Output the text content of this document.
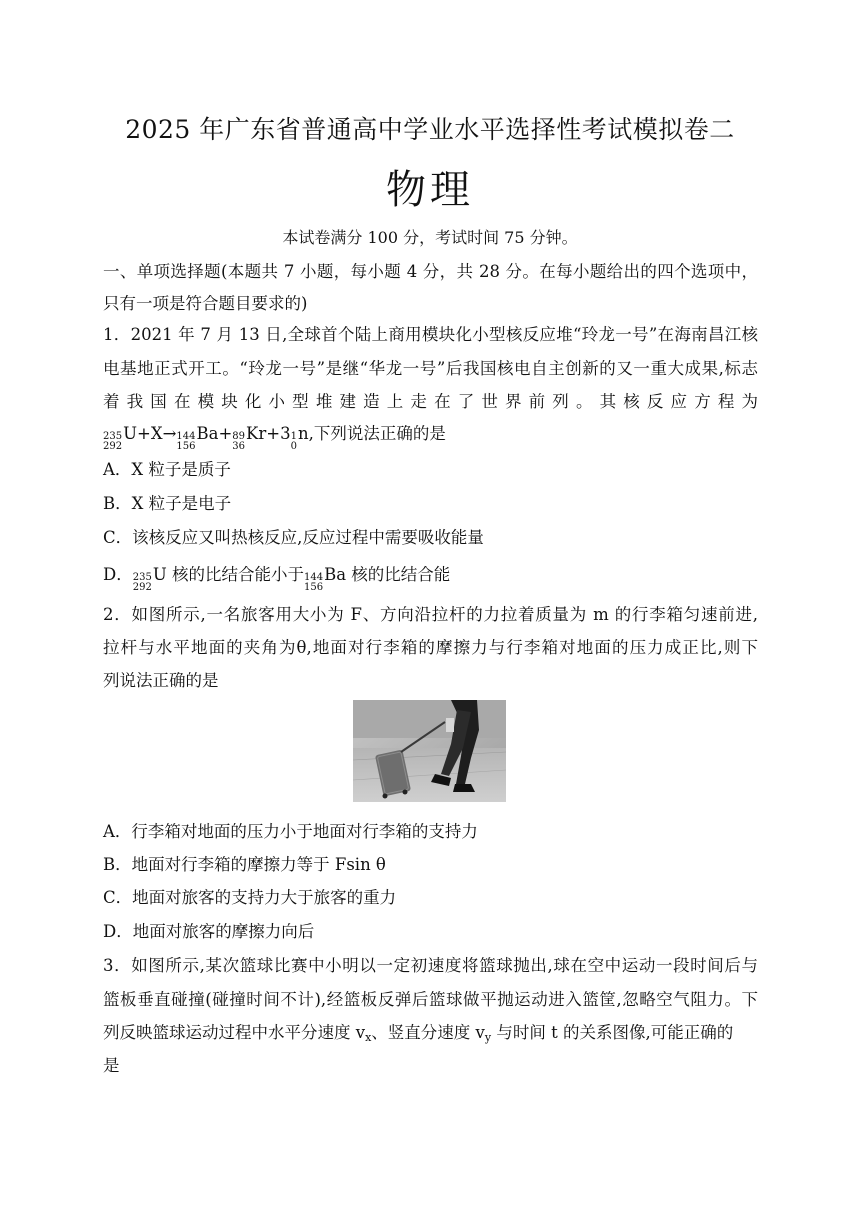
2025 年广东省普通高中学业水平选择性考试模拟卷二
物理
本试卷满分 100 分，考试时间 75 分钟。
一、单项选择题(本题共 7 小题，每小题 4 分，共 28 分。在每小题给出的四个选项中，
只有一项是符合题目要求的)
1．2021 年 7 月 13 日,全球首个陆上商用模块化小型核反应堆“玲龙一号”在海南昌江核
电基地正式开工。“玲龙一号”是继“华龙一号”后我国核电自主创新的又一重大成果,标志
着 我 国 在 模 块 化 小 型 堆 建 造 上 走 在 了 世 界 前 列 。 其 核 反 应 方 程 为
235
292
U+X→ 144
156
Ba+ 89
36
Kr+3 1
0
n ,下列说法正确的是
A．X 粒子是质子
B．X 粒子是电子
C．该核反应又叫热核反应,反应过程中需要吸收能量
D． 235
292
U 核的比结合能小于 144
156
Ba 核的比结合能
2．如图所示,一名旅客用大小为 F、方向沿拉杆的力拉着质量为 m 的行李箱匀速前进,
拉杆与水平地面的夹角为θ,地面对行李箱的摩擦力与行李箱对地面的压力成正比,则下
列说法正确的是
A．行李箱对地面的压力小于地面对行李箱的支持力
B．地面对行李箱的摩擦力等于 Fsin θ
C．地面对旅客的支持力大于旅客的重力
D．地面对旅客的摩擦力向后
3．如图所示,某次篮球比赛中小明以一定初速度将篮球抛出,球在空中运动一段时间后与
篮板垂直碰撞(碰撞时间不计),经篮板反弹后篮球做平抛运动进入篮筐,忽略空气阻力。下
列反映篮球运动过程中水平分速度 $v_x$、竖直分速度 $v_y$ 与时间 t 的关系图像,可能正确的
是
